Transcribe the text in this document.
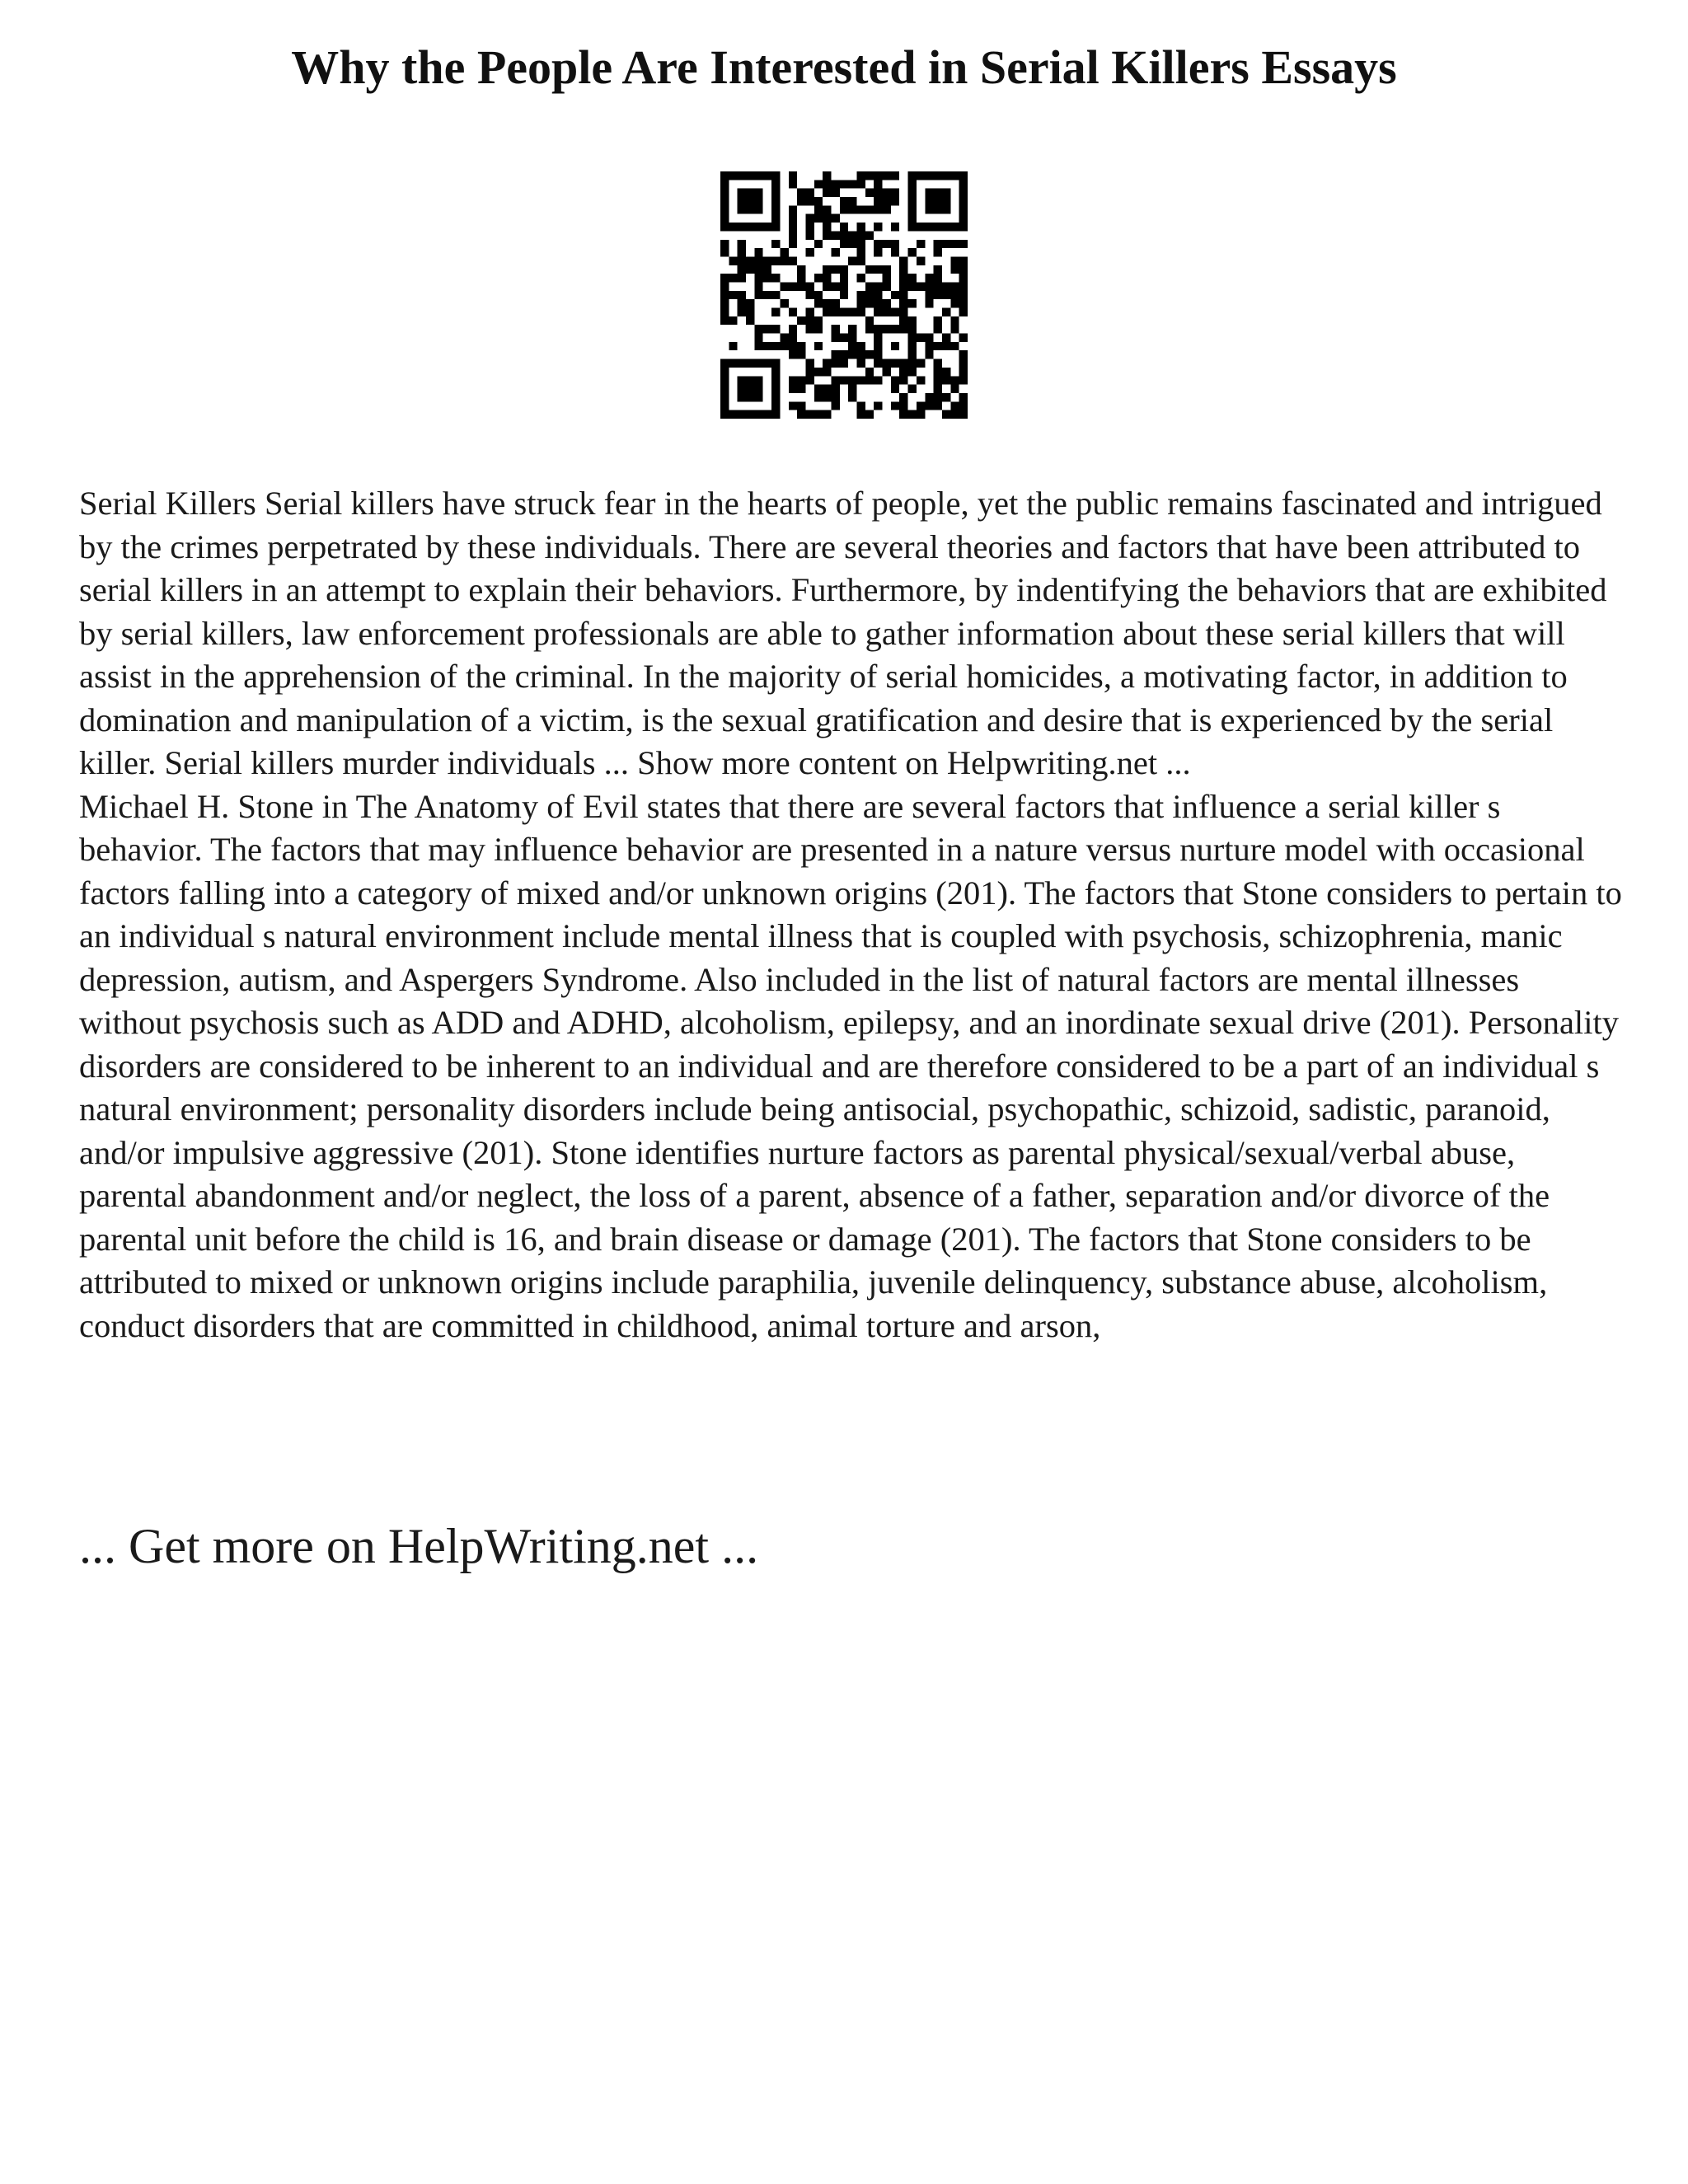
Why the People Are Interested in Serial Killers Essays

Serial Killers Serial killers have struck fear in the hearts of people, yet the public remains fascinated and intrigued by the crimes perpetrated by these individuals. There are several theories and factors that have been attributed to serial killers in an attempt to explain their behaviors. Furthermore, by indentifying the behaviors that are exhibited by serial killers, law enforcement professionals are able to gather information about these serial killers that will assist in the apprehension of the criminal. In the majority of serial homicides, a motivating factor, in addition to domination and manipulation of a victim, is the sexual gratification and desire that is experienced by the serial killer. Serial killers murder individuals ... Show more content on Helpwriting.net ...

Michael H. Stone in The Anatomy of Evil states that there are several factors that influence a serial killer s behavior. The factors that may influence behavior are presented in a nature versus nurture model with occasional factors falling into a category of mixed and/or unknown origins (201). The factors that Stone considers to pertain to an individual s natural environment include mental illness that is coupled with psychosis, schizophrenia, manic depression, autism, and Aspergers Syndrome. Also included in the list of natural factors are mental illnesses without psychosis such as ADD and ADHD, alcoholism, epilepsy, and an inordinate sexual drive (201). Personality disorders are considered to be inherent to an individual and are therefore considered to be a part of an individual s natural environment; personality disorders include being antisocial, psychopathic, schizoid, sadistic, paranoid, and/or impulsive aggressive (201). Stone identifies nurture factors as parental physical/sexual/verbal abuse, parental abandonment and/or neglect, the loss of a parent, absence of a father, separation and/or divorce of the parental unit before the child is 16, and brain disease or damage (201). The factors that Stone considers to be attributed to mixed or unknown origins include paraphilia, juvenile delinquency, substance abuse, alcoholism, conduct disorders that are committed in childhood, animal torture and arson,

... Get more on HelpWriting.net ...
